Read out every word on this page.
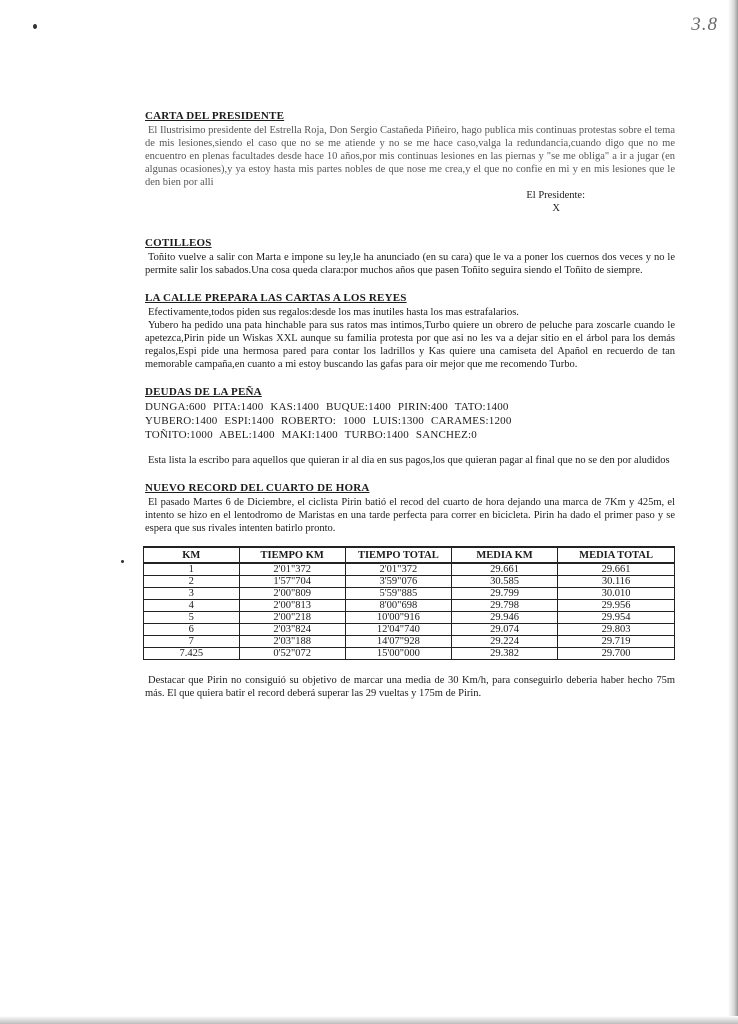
3.8
CARTA DEL PRESIDENTE
El Ilustrisimo presidente del Estrella Roja, Don Sergio Castañeda Piñeiro, hago publica mis continuas protestas sobre el tema de mis lesiones,siendo el caso que no se me atiende y no se me hace caso,valga la redundancia,cuando digo que no me encuentro en plenas facultades desde hace 10 años,por mis continuas lesiones en las piernas y "se me obliga" a ir a jugar (en algunas ocasiones),y ya estoy hasta mis partes nobles de que nose me crea,y el que no confie en mi y en mis lesiones que le den bien por alli
El Presidente:
X
COTILLEOS
Toñito vuelve a salir con Marta e impone su ley,le ha anunciado (en su cara) que le va a poner los cuernos dos veces y no le permite salir los sabados.Una cosa queda clara:por muchos años que pasen Toñito seguira siendo el Toñito de siempre.
LA CALLE PREPARA LAS CARTAS A LOS REYES
Efectivamente,todos piden sus regalos:desde los mas inutiles hasta los mas estrafalarios.
Yubero ha pedido una pata hinchable para sus ratos mas intimos,Turbo quiere un obrero de peluche para zoscarle cuando le apetezca,Pirin pide un Wiskas XXL aunque su familia protesta por que asi no les va a dejar sitio en el árbol para los demás regalos,Espi pide una hermosa pared para contar los ladrillos y Kas quiere una camiseta del Apañol en recuerdo de tan memorable campaña,en cuanto a mi estoy buscando las gafas para oir mejor que me recomendo Turbo.
DEUDAS DE LA PEÑA
DUNGA:600 PITA:1400 KAS:1400 BUQUE:1400 PIRIN:400 TATO:1400
YUBERO:1400 ESPI:1400 ROBERTO: 1000 LUIS:1300 CARAMES:1200
TOÑITO:1000 ABEL:1400 MAKI:1400 TURBO:1400 SANCHEZ:0
Esta lista la escribo para aquellos que quieran ir al dia en sus pagos,los que quieran pagar al final que no se den por aludidos
NUEVO RECORD DEL CUARTO DE HORA
El pasado Martes 6 de Diciembre, el ciclista Pirin batió el recod del cuarto de hora dejando una marca de 7Km y 425m, el intento se hizo en el lentodromo de Maristas en una tarde perfecta para correr en bicicleta. Pirin ha dado el primer paso y se espera que sus rivales intenten batirlo pronto.
KM	TIEMPO KM	TIEMPO TOTAL	MEDIA KM	MEDIA TOTAL
1	2'01"372	2'01"372	29.661	29.661
2	1'57"704	3'59"076	30.585	30.116
3	2'00"809	5'59"885	29.799	30.010
4	2'00"813	8'00"698	29.798	29.956
5	2'00"218	10'00"916	29.946	29.954
6	2'03"824	12'04"740	29.074	29.803
7	2'03"188	14'07"928	29.224	29.719
7.425	0'52"072	15'00"000	29.382	29.700
Destacar que Pirin no consiguió su objetivo de marcar una media de 30 Km/h, para conseguirlo deberia haber hecho 75m más. El que quiera batir el record deberá superar las 29 vueltas y 175m de Pirin.
